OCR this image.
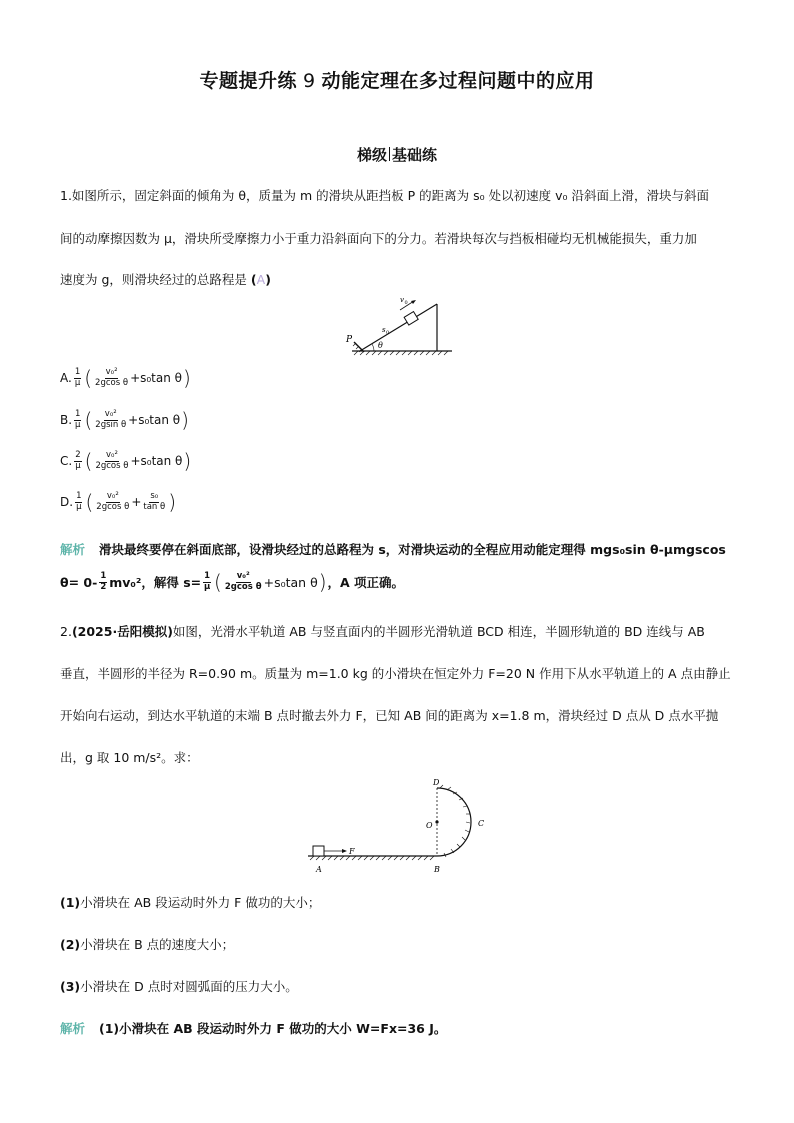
专题提升练 9 动能定理在多过程问题中的应用
梯级 基础练
1.如图所示，固定斜面的倾角为 θ，质量为 m 的滑块从距挡板 P 的距离为 s₀ 处以初速度 v₀ 沿斜面上滑，滑块与斜面
间的动摩擦因数为 μ，滑块所受摩擦力小于重力沿斜面向下的分力。若滑块每次与挡板相碰均无机械能损失，重力加
速度为 g，则滑块经过的总路程是 (A)
P
v 0
s 0
θ
A. $\frac{1}{\mu}$ ( $\frac{\text{v₀²}}{\text{2gcos θ}} +s_0\tan$ θ )
B. $\frac{1}{\mu}$ ( $\frac{\text{v₀²}}{\text{2gsin θ}} +s_0\tan$ θ )
C. $\frac{2}{\mu}$ ( $\frac{\text{v₀²}}{\text{2gcos θ}} +s_0\tan$ θ )
D. $\frac{1}{\mu}$ ( $\frac{\text{v₀²}}{\text{2gcos θ}} + \frac{\text{s₀}}{\text{tan θ}}$ )
解析 滑块最终要停在斜面底部，设滑块经过的总路程为 s，对滑块运动的全程应用动能定理得 mgs₀sin θ-μmgscos
$\theta= 0- \frac{1}{2} mv_0^2$，解得 $s= \frac{1}{\mu}$ ( $\frac{\text{v₀²}}{\text{2gcos θ}} +s_0\tan$ θ ) ，A 项正确。
2.(2025·岳阳模拟)如图，光滑水平轨道 AB 与竖直面内的半圆形光滑轨道 BCD 相连，半圆形轨道的 BD 连线与 AB
垂直，半圆形的半径为 R=0.90 m。质量为 m=1.0 kg 的小滑块在恒定外力 F=20 N 作用下从水平轨道上的 A 点由静止
开始向右运动，到达水平轨道的末端 B 点时撤去外力 F，已知 AB 间的距离为 x=1.8 m，滑块经过 D 点从 D 点水平抛
出，g 取 10 m/s²。求：
A	B
C
D
O
F
(1)小滑块在 AB 段运动时外力 F 做功的大小；
(2)小滑块在 B 点的速度大小；
(3)小滑块在 D 点时对圆弧面的压力大小。
解析 (1)小滑块在 AB 段运动时外力 F 做功的大小 W=Fx=36 J。
